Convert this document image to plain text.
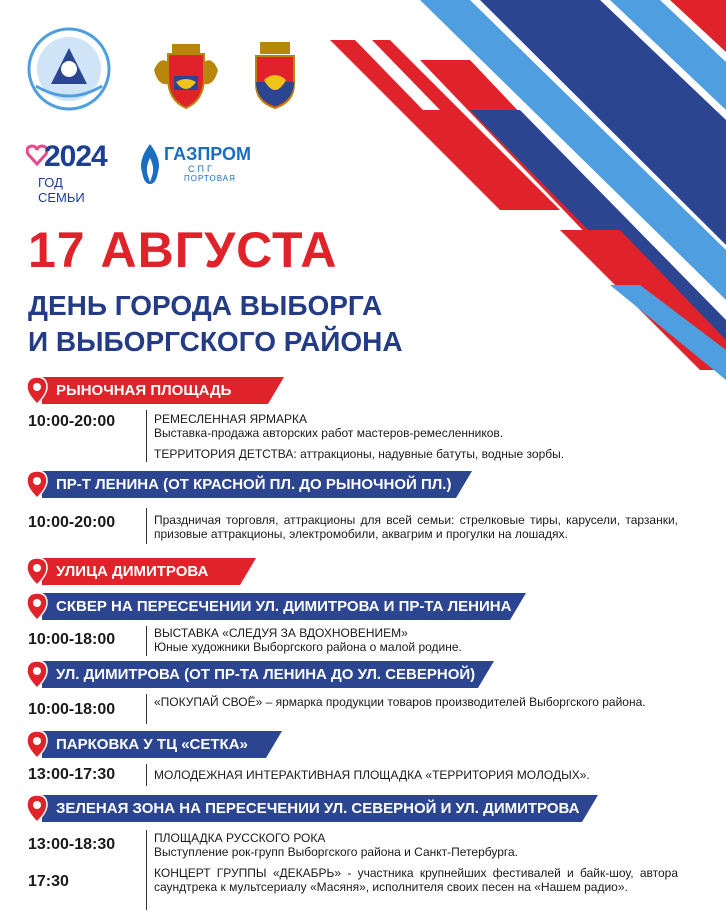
2024
ГОД СЕМЬИ
ГАЗПРОМ
СПГ
ПОРТОВАЯ
17 АВГУСТА
ДЕНЬ ГОРОДА ВЫБОРГА
И ВЫБОРГСКОГО РАЙОНА
РЫНОЧНАЯ ПЛОЩАДЬ
10:00-20:00	РЕМЕСЛЕННАЯ ЯРМАРКА
Выставка-продажа авторских работ мастеров-ремесленников.
ТЕРРИТОРИЯ ДЕТСТВА: аттракционы, надувные батуты, водные зорбы.
ПР-Т ЛЕНИНА (ОТ КРАСНОЙ ПЛ. ДО РЫНОЧНОЙ ПЛ.)
10:00-20:00	Праздничая торговля, аттракционы для всей семьи: стрелковые тиры, карусели, тарзанки, призовые аттракционы, электромобили, аквагрим и прогулки на лошадях.
УЛИЦА ДИМИТРОВА
СКВЕР НА ПЕРЕСЕЧЕНИИ УЛ. ДИМИТРОВА И ПР-ТА ЛЕНИНА
10:00-18:00	ВЫСТАВКА «СЛЕДУЯ ЗА ВДОХНОВЕНИЕМ»
Юные художники Выборгского района о малой родине.
УЛ. ДИМИТРОВА (ОТ ПР-ТА ЛЕНИНА ДО УЛ. СЕВЕРНОЙ)
10:00-18:00	«ПОКУПАЙ СВОЁ» – ярмарка продукции товаров производителей Выборгского района.
ПАРКОВКА У ТЦ «СЕТКА»
13:00-17:30	МОЛОДЕЖНАЯ ИНТЕРАКТИВНАЯ ПЛОЩАДКА «ТЕРРИТОРИЯ МОЛОДЫХ».
ЗЕЛЕНАЯ ЗОНА НА ПЕРЕСЕЧЕНИИ УЛ. СЕВЕРНОЙ И УЛ. ДИМИТРОВА
13:00-18:30	ПЛОЩАДКА РУССКОГО РОКА
Выступление рок-групп Выборгского района и Санкт-Петербурга.
17:30	КОНЦЕРТ ГРУППЫ «ДЕКАБРЬ» - участника крупнейших фестивалей и байк-шоу, автора саундтрека к мультсериалу «Масяня», исполнителя своих песен на «Нашем радио».
